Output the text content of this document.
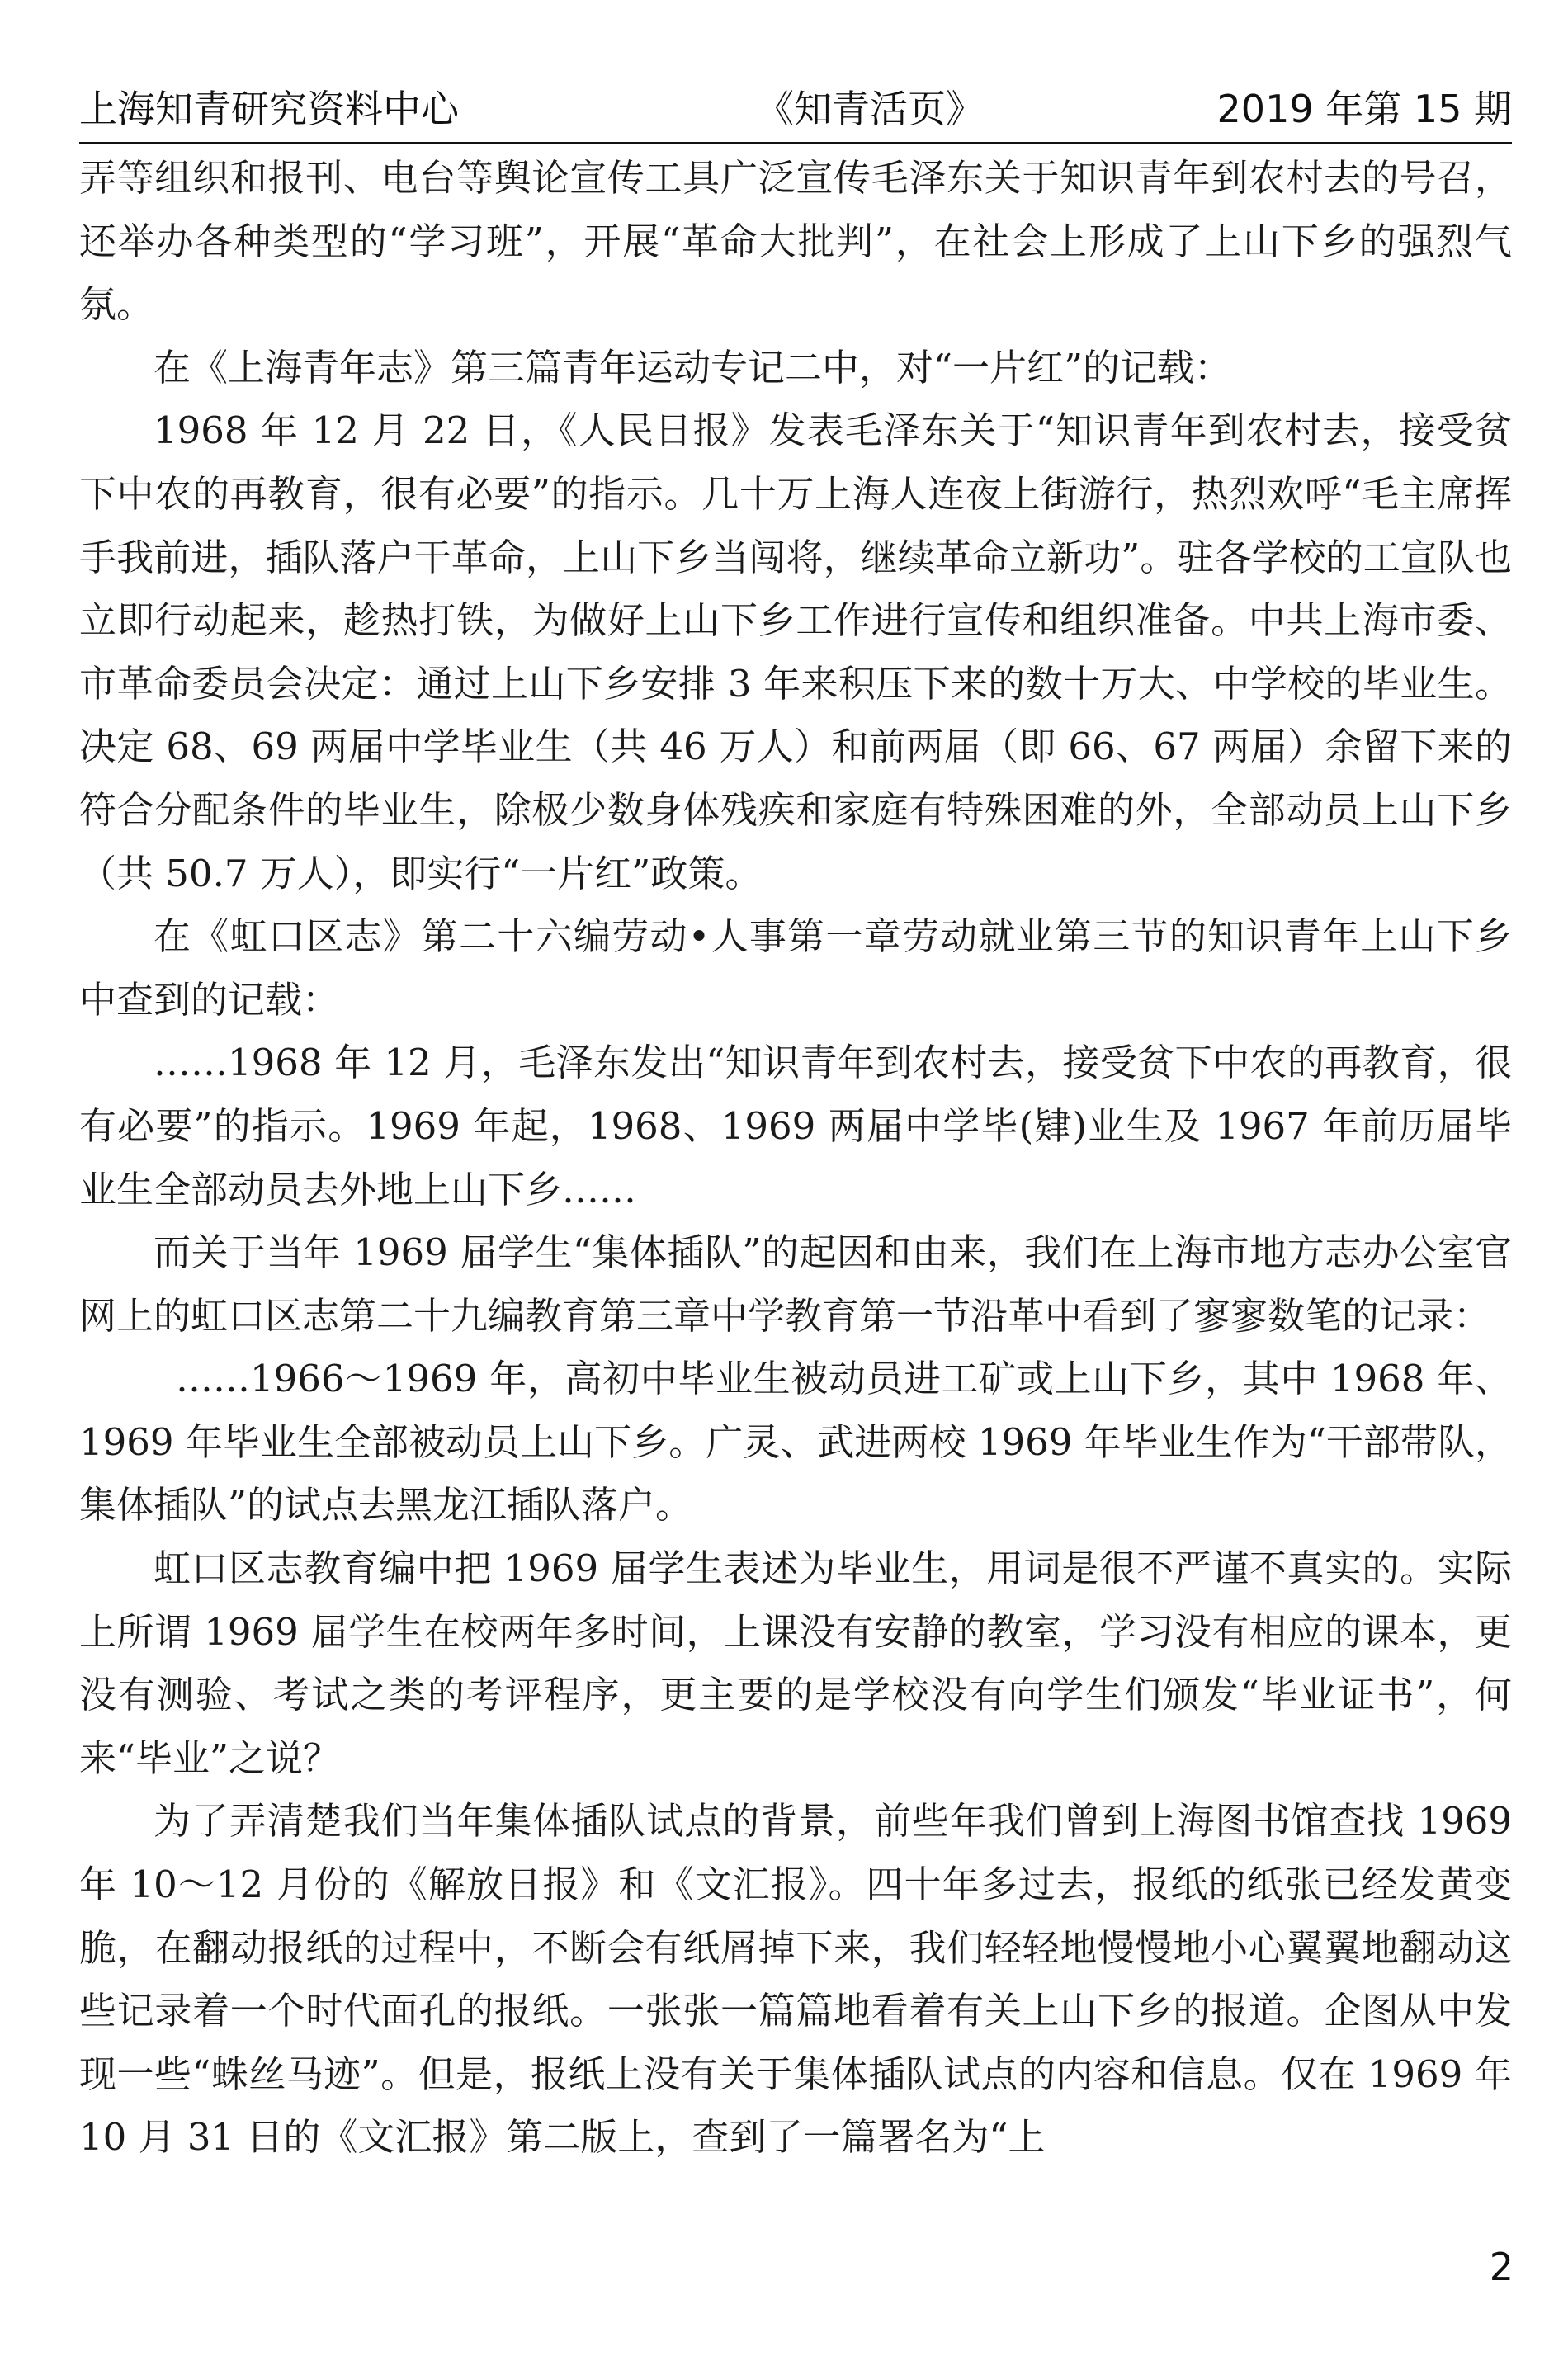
上海知青研究资料中心	《知青活页》	2019 年第 15 期

弄等组织和报刊、电台等舆论宣传工具广泛宣传毛泽东关于知识青年到农村去的号召，还举办各种类型的“学习班”，开展“革命大批判”，在社会上形成了上山下乡的强烈气氛。

在《上海青年志》第三篇青年运动专记二中，对“一片红”的记载：

1968 年 12 月 22 日，《人民日报》发表毛泽东关于“知识青年到农村去，接受贫下中农的再教育，很有必要”的指示。几十万上海人连夜上街游行，热烈欢呼“毛主席挥手我前进，插队落户干革命，上山下乡当闯将，继续革命立新功”。驻各学校的工宣队也立即行动起来，趁热打铁，为做好上山下乡工作进行宣传和组织准备。中共上海市委、市革命委员会决定：通过上山下乡安排 3 年来积压下来的数十万大、中学校的毕业生。决定 68、69 两届中学毕业生（共 46 万人）和前两届（即 66、67 两届）余留下来的符合分配条件的毕业生，除极少数身体残疾和家庭有特殊困难的外，全部动员上山下乡（共 50.7 万人），即实行“一片红”政策。

在《虹口区志》第二十六编劳动•人事第一章劳动就业第三节的知识青年上山下乡中查到的记载：

……1968 年 12 月，毛泽东发出“知识青年到农村去，接受贫下中农的再教育，很有必要”的指示。1969 年起，1968、1969 两届中学毕(肄)业生及 1967 年前历届毕业生全部动员去外地上山下乡……

而关于当年 1969 届学生“集体插队”的起因和由来，我们在上海市地方志办公室官网上的虹口区志第二十九编教育第三章中学教育第一节沿革中看到了寥寥数笔的记录：

……1966～1969 年，高初中毕业生被动员进工矿或上山下乡，其中 1968 年、1969 年毕业生全部被动员上山下乡。广灵、武进两校 1969 年毕业生作为“干部带队，集体插队”的试点去黑龙江插队落户。

虹口区志教育编中把 1969 届学生表述为毕业生，用词是很不严谨不真实的。实际上所谓 1969 届学生在校两年多时间，上课没有安静的教室，学习没有相应的课本，更没有测验、考试之类的考评程序，更主要的是学校没有向学生们颁发“毕业证书”，何来“毕业”之说？

为了弄清楚我们当年集体插队试点的背景，前些年我们曾到上海图书馆查找 1969 年 10～12 月份的《解放日报》和《文汇报》。四十年多过去，报纸的纸张已经发黄变脆，在翻动报纸的过程中，不断会有纸屑掉下来，我们轻轻地慢慢地小心翼翼地翻动这些记录着一个时代面孔的报纸。一张张一篇篇地看着有关上山下乡的报道。企图从中发现一些“蛛丝马迹”。但是，报纸上没有关于集体插队试点的内容和信息。仅在 1969 年 10 月 31 日的《文汇报》第二版上，查到了一篇署名为“上

2
